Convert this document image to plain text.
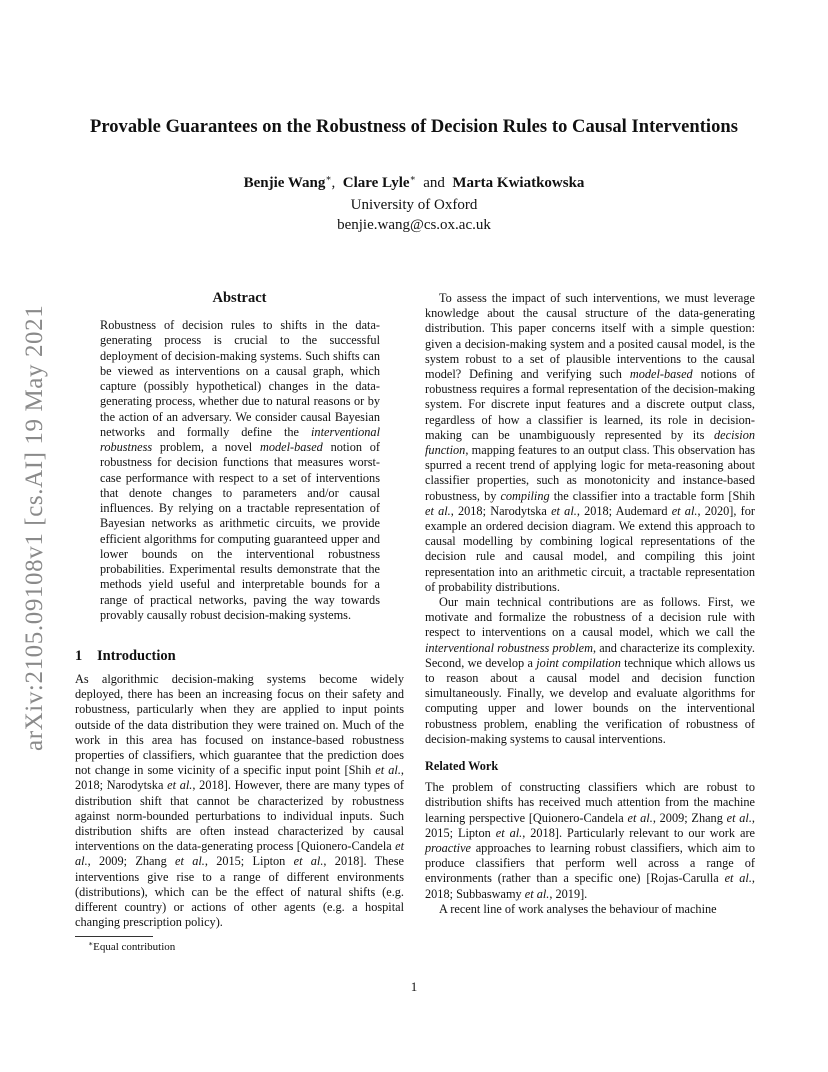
Provable Guarantees on the Robustness of Decision Rules to Causal Interventions
Benjie Wang∗, Clare Lyle∗ and Marta Kwiatkowska
University of Oxford
benjie.wang@cs.ox.ac.uk
arXiv:2105.09108v1 [cs.AI] 19 May 2021
Abstract

Robustness of decision rules to shifts in the data-generating process is crucial to the successful deployment of decision-making systems. Such shifts can be viewed as interventions on a causal graph, which capture (possibly hypothetical) changes in the data-generating process, whether due to natural reasons or by the action of an adversary. We consider causal Bayesian networks and formally define the interventional robustness problem, a novel model-based notion of robustness for decision functions that measures worst-case performance with respect to a set of interventions that denote changes to parameters and/or causal influences. By relying on a tractable representation of Bayesian networks as arithmetic circuits, we provide efficient algorithms for computing guaranteed upper and lower bounds on the interventional robustness probabilities. Experimental results demonstrate that the methods yield useful and interpretable bounds for a range of practical networks, paving the way towards provably causally robust decision-making systems.

1 Introduction

As algorithmic decision-making systems become widely deployed, there has been an increasing focus on their safety and robustness, particularly when they are applied to input points outside of the data distribution they were trained on. Much of the work in this area has focused on instance-based robustness properties of classifiers, which guarantee that the prediction does not change in some vicinity of a specific input point [Shih et al., 2018; Narodytska et al., 2018]. However, there are many types of distribution shift that cannot be characterized by robustness against norm-bounded perturbations to individual inputs. Such distribution shifts are often instead characterized by causal interventions on the data-generating process [Quionero-Candela et al., 2009; Zhang et al., 2015; Lipton et al., 2018]. These interventions give rise to a range of different environments (distributions), which can be the effect of natural shifts (e.g. different country) or actions of other agents (e.g. a hospital changing prescription policy).

To assess the impact of such interventions, we must leverage knowledge about the causal structure of the data-generating distribution. This paper concerns itself with a simple question: given a decision-making system and a posited causal model, is the system robust to a set of plausible interventions to the causal model? Defining and verifying such model-based notions of robustness requires a formal representation of the decision-making system. For discrete input features and a discrete output class, regardless of how a classifier is learned, its role in decision-making can be unambiguously represented by its decision function, mapping features to an output class. This observation has spurred a recent trend of applying logic for meta-reasoning about classifier properties, such as monotonicity and instance-based robustness, by compiling the classifier into a tractable form [Shih et al., 2018; Narodytska et al., 2018; Audemard et al., 2020], for example an ordered decision diagram. We extend this approach to causal modelling by combining logical representations of the decision rule and causal model, and compiling this joint representation into an arithmetic circuit, a tractable representation of probability distributions.

Our main technical contributions are as follows. First, we motivate and formalize the robustness of a decision rule with respect to interventions on a causal model, which we call the interventional robustness problem, and characterize its complexity. Second, we develop a joint compilation technique which allows us to reason about a causal model and decision function simultaneously. Finally, we develop and evaluate algorithms for computing upper and lower bounds on the interventional robustness problem, enabling the verification of robustness of decision-making systems to causal interventions.

Related Work

The problem of constructing classifiers which are robust to distribution shifts has received much attention from the machine learning perspective [Quionero-Candela et al., 2009; Zhang et al., 2015; Lipton et al., 2018]. Particularly relevant to our work are proactive approaches to learning robust classifiers, which aim to produce classifiers that perform well across a range of environments (rather than a specific one) [Rojas-Carulla et al., 2018; Subbaswamy et al., 2019].

A recent line of work analyses the behaviour of machine

∗Equal contribution
1
